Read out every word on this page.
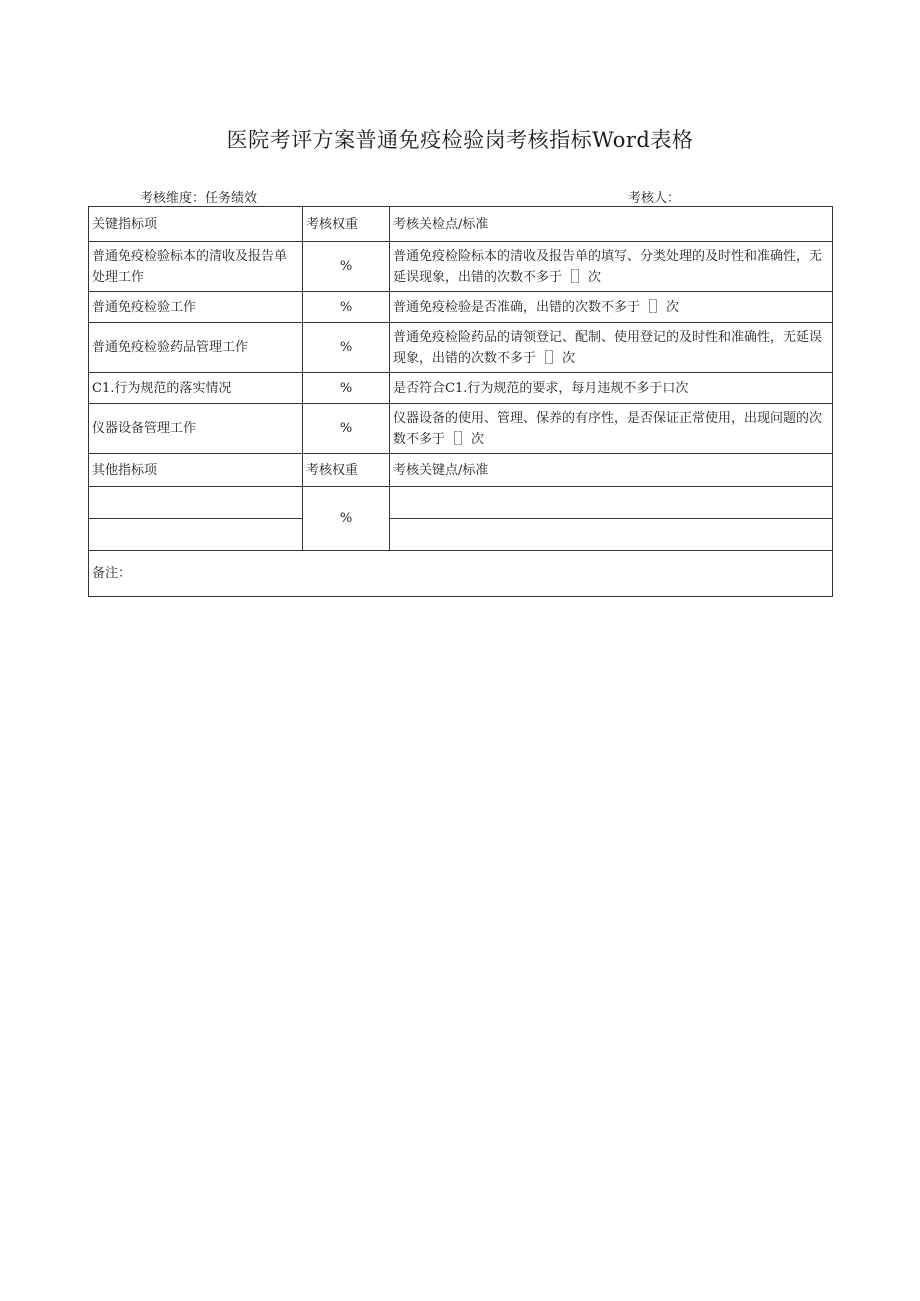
医院考评方案普通免疫检验岗考核指标Word表格
考核维度：任务绩效	考核人：
关键指标项	考核权重	考核关检点/标准
普通免疫检验标本的清收及报告单处理工作	%	普通免疫检险标本的清收及报告单的填写、分类处理的及时性和准确性，无延误现象，出错的次数不多于［］次
普通免疫检验工作	%	普通免疫检验是否准确，出错的次数不多于［］次
普通免疫检验药品管理工作	%	普通免疫检险药品的请领登记、配制、使用登记的及时性和准确性，无延误现象，出错的次数不多于［］次
C1.行为规范的落实情况	%	是否符合C1.行为规范的要求，每月违规不多于口次
仪器设备管理工作	%	仪器设备的使用、管理、保养的有序性，是否保证正常使用，出现问题的次数不多于［］次
其他指标项	考核权重	考核关键点/标准
	%	

备注：		
